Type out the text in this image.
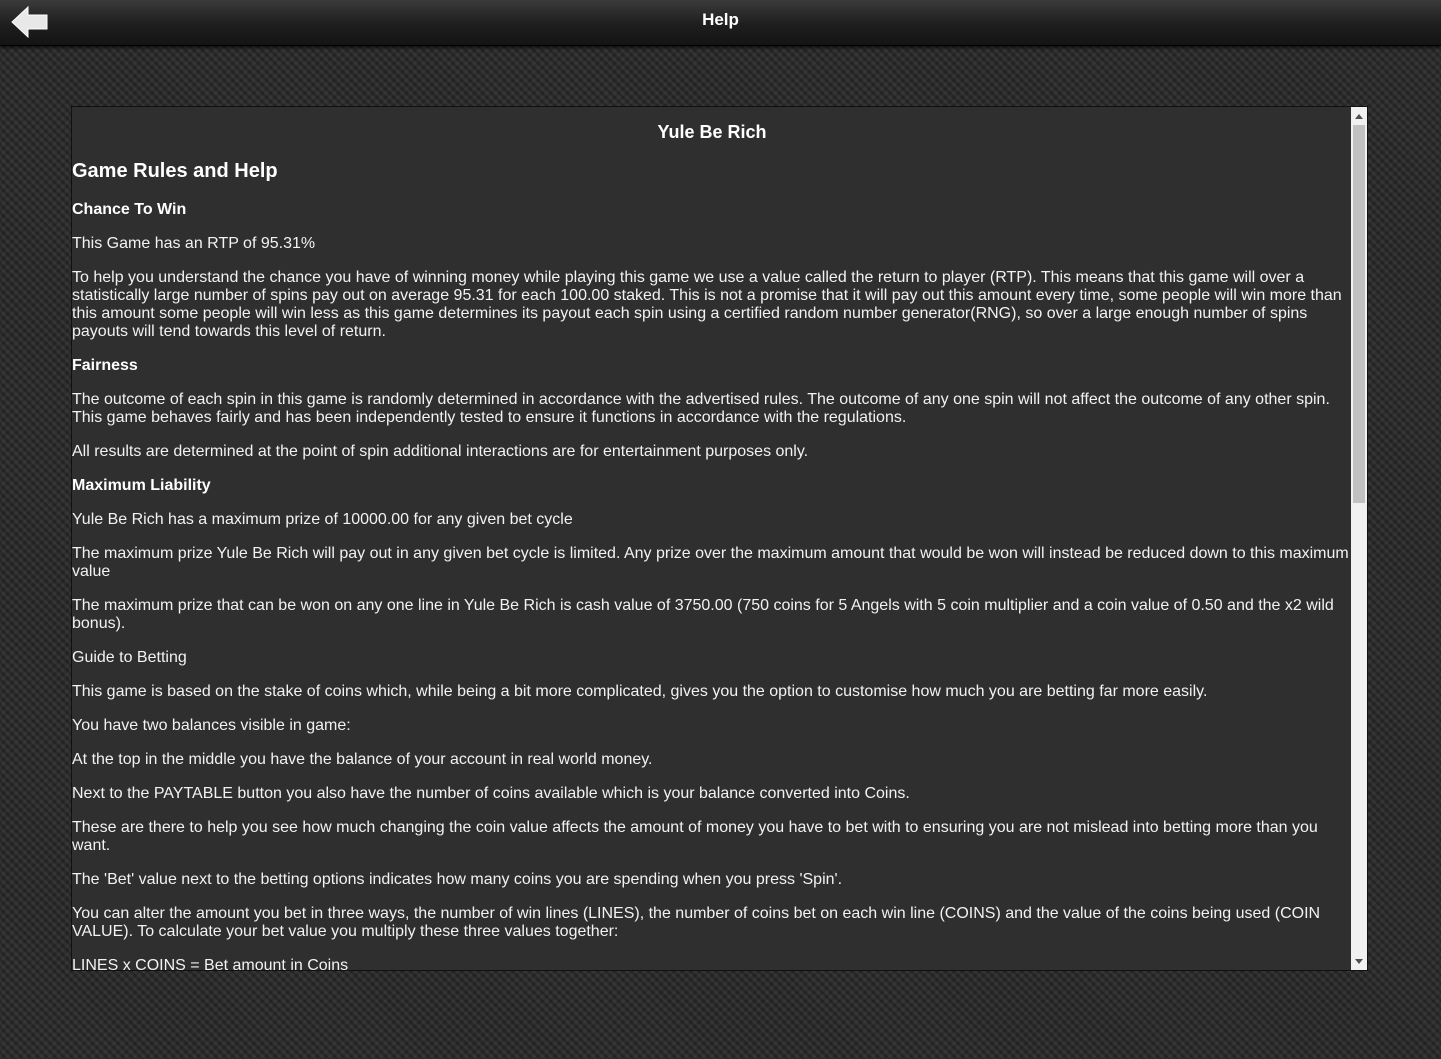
Help
Yule Be Rich
Game Rules and Help
Chance To Win

This Game has an RTP of 95.31%

To help you understand the chance you have of winning money while playing this game we use a value called the return to player (RTP). This means that this game will over a statistically large number of spins pay out on average 95.31 for each 100.00 staked. This is not a promise that it will pay out this amount every time, some people will win more than this amount some people will win less as this game determines its payout each spin using a certified random number generator(RNG), so over a large enough number of spins payouts will tend towards this level of return.

Fairness

The outcome of each spin in this game is randomly determined in accordance with the advertised rules. The outcome of any one spin will not affect the outcome of any other spin. This game behaves fairly and has been independently tested to ensure it functions in accordance with the regulations.

All results are determined at the point of spin additional interactions are for entertainment purposes only.

Maximum Liability

Yule Be Rich has a maximum prize of 10000.00 for any given bet cycle

The maximum prize Yule Be Rich will pay out in any given bet cycle is limited. Any prize over the maximum amount that would be won will instead be reduced down to this maximum value

The maximum prize that can be won on any one line in Yule Be Rich is cash value of 3750.00 (750 coins for 5 Angels with 5 coin multiplier and a coin value of 0.50 and the x2 wild bonus).

Guide to Betting

This game is based on the stake of coins which, while being a bit more complicated, gives you the option to customise how much you are betting far more easily.

You have two balances visible in game:

At the top in the middle you have the balance of your account in real world money.

Next to the PAYTABLE button you also have the number of coins available which is your balance converted into Coins.

These are there to help you see how much changing the coin value affects the amount of money you have to bet with to ensuring you are not mislead into betting more than you want.

The 'Bet' value next to the betting options indicates how many coins you are spending when you press 'Spin'.

You can alter the amount you bet in three ways, the number of win lines (LINES), the number of coins bet on each win line (COINS) and the value of the coins being used (COIN VALUE). To calculate your bet value you multiply these three values together:

LINES x COINS = Bet amount in Coins
